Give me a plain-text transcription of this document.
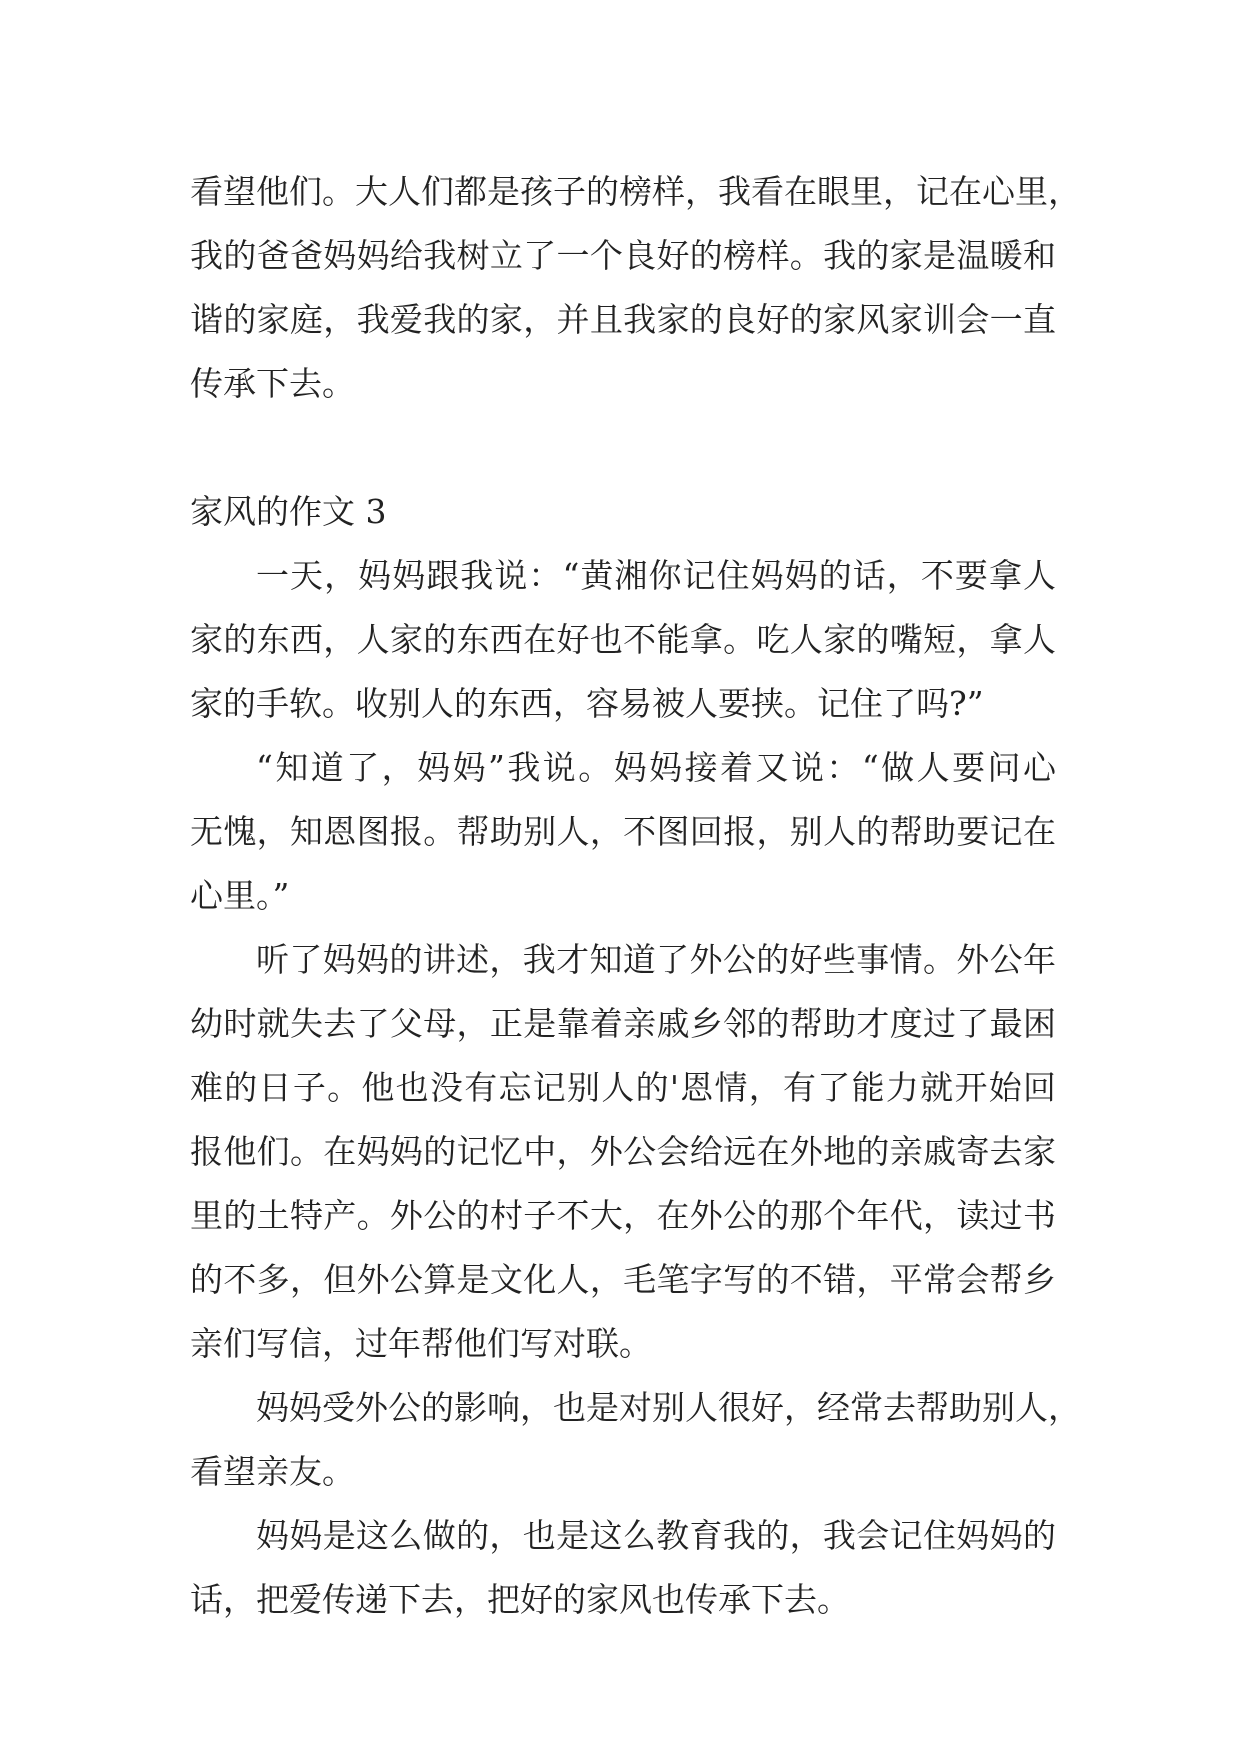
看望他们。大人们都是孩子的榜样，我看在眼里，记在心里，
我的爸爸妈妈给我树立了一个良好的榜样。我的家是温暖和
谐的家庭，我爱我的家，并且我家的良好的家风家训会一直
传承下去。
家风的作文 3
一天，妈妈跟我说：“黄湘你记住妈妈的话，不要拿人
家的东西，人家的东西在好也不能拿。吃人家的嘴短，拿人
家的手软。收别人的东西，容易被人要挟。记住了吗?”
“知道了，妈妈”我说。妈妈接着又说：“做人要问心
无愧，知恩图报。帮助别人，不图回报，别人的帮助要记在
心里。”
听了妈妈的讲述，我才知道了外公的好些事情。外公年
幼时就失去了父母，正是靠着亲戚乡邻的帮助才度过了最困
难的日子。他也没有忘记别人的'恩情，有了能力就开始回
报他们。在妈妈的记忆中，外公会给远在外地的亲戚寄去家
里的土特产。外公的村子不大，在外公的那个年代，读过书
的不多，但外公算是文化人，毛笔字写的不错，平常会帮乡
亲们写信，过年帮他们写对联。
妈妈受外公的影响，也是对别人很好，经常去帮助别人，
看望亲友。
妈妈是这么做的，也是这么教育我的，我会记住妈妈的
话，把爱传递下去，把好的家风也传承下去。
